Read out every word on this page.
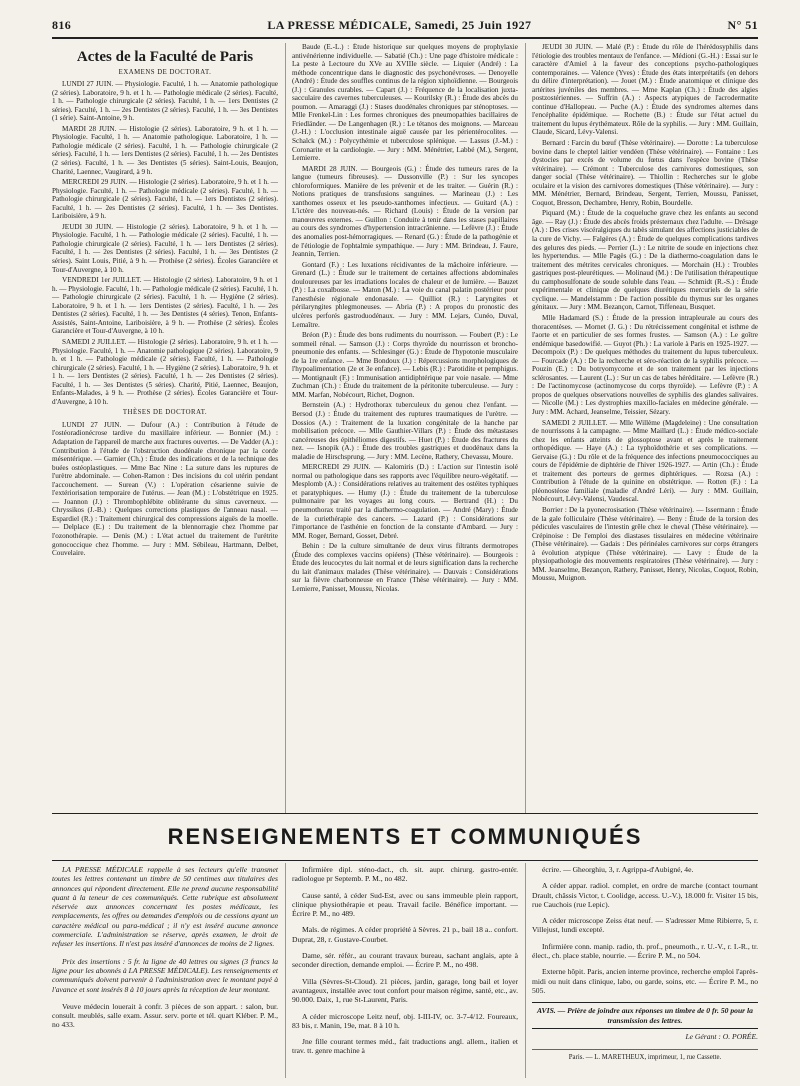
816	LA PRESSE MÉDICALE, Samedi, 25 Juin 1927	N° 51
Actes de la Faculté de Paris
EXAMENS DE DOCTORAT.

LUNDI 27 JUIN. — Physiologie. Faculté, 1 h. — Anatomie pathologique (2 séries). Laboratoire, 9 h. et 1 h. — Pathologie médicale (2 séries). Faculté, 1 h. — Pathologie chirurgicale (2 séries). Faculté, 1 h. — 1ers Dentistes (2 séries). Faculté, 1 h. — 2es Dentistes (2 séries). Faculté, 1 h. — 3es Dentistes (1 série). Saint-Antoine, 9 h.

MARDI 28 JUIN. — Histologie (2 séries). Laboratoire, 9 h. et 1 h. — Physiologie. Faculté, 1 h. — Anatomie pathologique. Laboratoire, 1 h. — Pathologie médicale (2 séries). Faculté, 1 h. — Pathologie chirurgicale (2 séries). Faculté, 1 h. — 1ers Dentistes (2 séries). Faculté, 1 h. — 2es Dentistes (2 séries). Faculté, 1 h. — 3es Dentistes (5 séries). Saint-Louis, Beaujon, Charité, Laennec, Vaugirard, à 9 h.

MERCREDI 29 JUIN. — Histologie (2 séries). Laboratoire, 9 h. et 1 h. — Physiologie. Faculté, 1 h. — Pathologie médicale (2 séries). Faculté, 1 h. — Pathologie chirurgicale (2 séries). Faculté, 1 h. — 1ers Dentistes (2 séries). Faculté, 1 h. — 2es Dentistes (2 séries). Faculté, 1 h. — 3es Dentistes. Lariboisière, à 9 h.

JEUDI 30 JUIN. — Histologie (2 séries). Laboratoire, 9 h. et 1 h. — Physiologie. Faculté, 1 h. — Pathologie médicale (2 séries). Faculté, 1 h. — Pathologie chirurgicale (2 séries). Faculté, 1 h. — 1ers Dentistes (2 séries). Faculté, 1 h. — 2es Dentistes (2 séries). Faculté, 1 h. — 3es Dentistes (2 séries). Saint Louis, Pitié, à 9 h. — Prothèse (2 séries). Écoles Garancière et Tour-d'Auvergne, à 10 h.

VENDREDI 1er JUILLET. — Histologie (2 séries). Laboratoire, 9 h. et 1 h. — Physiologie. Faculté, 1 h. — Pathologie médicale (2 séries). Faculté, 1 h. — Pathologie chirurgicale (2 séries). Faculté, 1 h. — Hygiène (2 séries). Laboratoire, 9 h. et 1 h. — 1ers Dentistes (2 séries). Faculté, 1 h. — 2es Dentistes (2 séries). Faculté, 1 h. — 3es Dentistes (4 séries). Tenon, Enfants-Assistés, Saint-Antoine, Lariboisière, à 9 h. — Prothèse (2 séries). Écoles Garancière et Tour-d'Auvergne, à 10 h.

SAMEDI 2 JUILLET. — Histologie (2 séries). Laboratoire, 9 h. et 1 h. — Physiologie. Faculté, 1 h. — Anatomie pathologique (2 séries). Laboratoire, 9 h. et 1 h. — Pathologie médicale (2 séries). Faculté, 1 h. — Pathologie chirurgicale (2 séries). Faculté, 1 h. — Hygiène (2 séries). Laboratoire, 9 h. et 1 h. — 1ers Dentistes (2 séries). Faculté, 1 h. — 2es Dentistes (2 séries). Faculté, 1 h. — 3es Dentistes (5 séries). Charité, Pitié, Laennec, Beaujon, Enfants-Malades, à 9 h. — Prothèse (2 séries). Écoles Garancière et Tour-d'Auvergne, à 10 h.

THÈSES DE DOCTORAT.

LUNDI 27 JUIN. — Dufour (A.) : Contribution à l'étude de l'ostéoradionécrose tardive du maxillaire inférieur. — Bonnier (M.) : Adaptation de l'appareil de marche aux fractures ouvertes. — De Vadder (A.) : Contribution à l'étude de l'obstruction duodénale chronique par la corde mésentérique. — Garnier (Ch.) : Étude des indications et de la technique des buées ostéoplastiques. — Mme Bac Nine : La suture dans les ruptures de l'urètre abdominale. — Cohen-Ramon : Des incisions du col utérin pendant l'accouchement. — Surean (V.) : L'opération césarienne suivie de l'extériorisation temporaire de l'utérus. — Jean (M.) : L'obstétrique en 1925. — Joannon (J.) : Thrombophlébite oblitérante du sinus caverneux. — Chryssikos (J.-B.) : Quelques corrections plastiques de l'anneau nasal. — Espardiel (R.) : Traitement chirurgical des compressions aiguës de la moelle. — Delplace (E.) : Du traitement de la blennorragie chez l'homme par l'ozonothérapie. — Denis (M.) : L'état actuel du traitement de l'urétrite gonococcique chez l'homme. — Jury : MM. Sébileau, Hartmann, Delbet, Couvelaire.

Baude (E.-L.) : Étude historique sur quelques moyens de prophylaxie antivénérienne individuelle. — Sabatié (Ch.) : Une page d'histoire médicale : La peste à Lectoure du XVe au XVIIIe siècle. — Liquier (André) : La méthode concentrique dans le diagnostic des psychonévroses. — Denoyelle (André) : Étude des souffles continus de la région xiphoïdienne. — Bourgeois (J.) : Granules curables. — Capart (J.) : Fréquence de la localisation juxta-sacculaire des cavernes tuberculeuses. — Kourilsky (R.) : Étude des abcès du poumon. — Amaraggi (J.) : Stases duodénales chroniques par sténoptoses. — Mlle Frenkel-Lin : Les formes chroniques des pneumopathies bacillaires de Friedländer. — De Langenhagen (R.) : Le tétanos des moignons. — Marceau (J.-H.) : L'occlusion intestinale aiguë causée par les périentérocolites. — Schalck (M.) : Polycythémie et tuberculose splénique. — Lassus (J.-M.) : Coronarite et la cardiologie. — Jury : MM. Ménétrier, Labbé (M.), Sergent, Lemierre.

MARDI 28 JUIN. — Bourgeois (G.) : Étude des tumeurs rares de la langue (tumeurs fibreuses). — Dussonville (P.) : Sur les syncopes chloroformiques. Manière de les prévenir et de les traiter. — Guérin (R.) : Notions pratiques de transfusions sanguines. — Marineau (J.) : Les xanthomes osseux et les pseudo-xanthomes infectieux. — Guitard (A.) : L'ictère des nouveau-nés. — Richard (Louis) : Étude de la version par manœuvres externes. — Guillon : Conduite à tenir dans les stases papillaires au cours des syndromes d'hypertension intracrânienne. — Lefèvre (J.) : Étude des anomalies post-hémorragiques. — Renard (G.) : Étude de la pathogénie et de l'étiologie de l'ophtalmie sympathique. — Jury : MM. Brindeau, J. Faure, Jeannin, Terrien.

Gontard (F.) : Les luxations récidivantes de la mâchoire inférieure. — Grenard (L.) : Étude sur le traitement de certaines affections abdominales douloureuses par les irradiations locales de chaleur et de lumière. — Bauzet (P.) : La coxalbosse. — Maton (M.) : La voie du canal palatin postérieur pour l'anesthésie régionale endonasale. — Quilliot (R.) : Laryngites et périlaryngites phlegmoneuses. — Abria (P.) : A propos du pronostic des ulcères perforés gastroduodénaux. — Jury : MM. Lejars, Cunéo, Duval, Lemaître.

Bréon (P.) : Étude des bons rudiments du nourrisson. — Foubert (P.) : Le sommeil rénal. — Samson (J.) : Corps thyroïde du nourrisson et broncho-pneumonie des enfants. — Schlesinger (G.) : Étude de l'hypotonie musculaire de la 1re enfance. — Mme Bondoux (J.) : Répercussions morphologiques de l'hypoalimentation (2e et 3e enfance). — Lebis (R.) : Parotidite et pemphigus. — Montignault (F.) : Immunisation antidiphtérique par voie nasale. — Mme Zuchman (Ch.) : Étude du traitement de la péritonite tuberculeuse. — Jury : MM. Marfan, Nobécourt, Richet, Dognon.

Bernstein (A.) : Hydrothorax tuberculeux du genou chez l'enfant. — Bersod (J.) : Étude du traitement des ruptures traumatiques de l'urètre. — Dossios (A.) : Traitement de la luxation congénitale de la hanche par mobilisation précoce. — Mlle Gauthier-Villars (P.) : Étude des métastases cancéreuses des épithéliomes digestifs. — Huet (P.) : Étude des fractures du nez. — Isnopik (A.) : Étude des troubles gastriques et duodénaux dans la maladie de Hirschsprung. — Jury : MM. Lecène, Rathery, Chevassu, Moure.

MERCREDI 29 JUIN. — Kalomiris (D.) : L'action sur l'intestin isolé normal ou pathologique dans ses rapports avec l'équilibre neuro-végétatif. — Mesplomb (A.) : Considérations relatives au traitement des ostéites typhiques et paratyphiques. — Humy (J.) : Étude du traitement de la tuberculose pulmonaire par les voyages au long cours. — Bertrand (H.) : Du pneumothorax traité par la diathermo-coagulation. — André (Mary) : Étude de la curiethérapie des cancers. — Lazard (P.) : Considérations sur l'importance de l'asthénie en fonction de la constante d'Ambard. — Jury : MM. Roger, Bernard, Gosset, Debré.

Behin : De la culture simultanée de deux virus filtrants dermotropes (Étude des complexes vaccins opiéens) (Thèse vétérinaire). — Bourgeois : Étude des leucocytes du lait normal et de leurs signification dans la recherche du lait d'animaux malades (Thèse vétérinaire). — Dauvais : Considérations sur la fièvre charbonneuse en France (Thèse vétérinaire). — Jury : MM. Lemierre, Panisset, Moussu, Nicolas.

JEUDI 30 JUIN. — Malé (P.) : Étude du rôle de l'hérédosyphilis dans l'étiologie des troubles mentaux de l'enfance. — Médioni (G.-H.) : Essai sur le caractère d'Amiel à la faveur des conceptions psycho-pathologiques contemporaines. — Valence (Yves) : Étude des états interprétatifs (en dehors du délire d'interprétation). — Jouet (M.) : Étude anatomique et clinique des artérites juvéniles des membres. — Mme Kaplan (Ch.) : Étude des algies postzostériennes. — Suffrin (A.) : Aspects atypiques de l'acrodermatite continue d'Hallopeau. — Puche (A.) : Étude des syndromes alternes dans l'encéphalite épidémique. — Rochette (B.) : Étude sur l'état actuel du traitement du lupus érythémateux. Rôle de la syphilis. — Jury : MM. Guillain, Claude, Sicard, Lévy-Valensi.

Bernard : Farcin du bœuf (Thèse vétérinaire). — Dorotte : La tuberculose bovine dans le cheptel laitier vendéen (Thèse vétérinaire). — Fontaine : Les dystocies par excès de volume du fœtus dans l'espèce bovine (Thèse vétérinaire). — Crémont : Tuberculose des carnivores domestiques, son danger social (Thèse vétérinaire). — Thiollin : Recherches sur le globe oculaire et la vision des carnivores domestiques (Thèse vétérinaire). — Jury : MM. Ménétrier, Bernard, Brindeau, Sergent, Terrien, Moussu, Panisset, Coquot, Bresson, Dechambre, Henry, Robin, Bourdelle.

Piquard (M.) : Étude de la coqueluche grave chez les enfants au second âge. — Ray (J.) : Étude des abcès froids présternaux chez l'adulte. — Drésage (A.) : Des crises viscéralgiques du tabès simulant des affections justiciables de la cure de Vichy. — Falgères (A.) : Étude de quelques complications tardives des gelures des pieds. — Perrier (L.) : Le nitrite de soude en injections chez les hypertendus. — Mlle Pagès (G.) : De la diathermo-coagulation dans le traitement des métrites cervicales chroniques. — Morchain (H.) : Troubles gastriques post-pleurétiques. — Molinaud (M.) : De l'utilisation thérapeutique du camphosulfonate de soude soluble dans l'eau. — Schmidt (R.-S.) : Étude expérimentale et clinique de quelques diurétiques mercuriels de la série cyclique. — Mandelstamm : De l'action possible du thymus sur les organes génitaux. — Jury : MM. Bezançon, Carnot, Tiffeneau, Busquet.

Mlle Hadamard (S.) : Étude de la pression intrapleurale au cours des thoracentèses. — Mornet (J. G.) : Du rétrécissement congénital et isthme de l'aorte et en particulier de ses formes frustes. — Samson (A.) : Le goître endémique basedowifié. — Guyot (Ph.) : La variole à Paris en 1925-1927. — Decompoix (P.) : De quelques méthodes du traitement du lupus tuberculeux. — Fourcade (A.) : De la recherche et séro-réaction de la syphilis précoce. — Pouzin (E.) : Du botryomycome et de son traitement par les injections sclérosantes. — Laurent (L.) : Sur un cas de tabes héréditaire. — Lefèvre (R.) : De l'actinomycose (actinomycose du corps thyroïde). — Lefèvre (P.) : A propos de quelques observations nouvelles de syphilis des glandes salivaires. — Nicolle (M.) : Les dystrophies maxillo-faciales en médecine générale. — Jury : MM. Achard, Jeanselme, Teissier, Sézary.

SAMEDI 2 JUILLET. — Mlle Willème (Magdeleine) : Une consultation de nourrissons à la campagne. — Mme Maillard (L.) : Étude médico-sociale chez les enfants atteints de glossoptose avant et après le traitement orthopédique. — Haye (A.) : La typhoïdothérie et ses complications. — Gervaise (G.) : Du rôle et de la fréquence des infections pneumococciques au cours de l'épidémie de diphtérie de l'hiver 1926-1927. — Artin (Ch.) : Étude et traitement des porteurs de germes diphtériques. — Rozsa (A.) : Contribution à l'étude de la quinine en obstétrique. — Rotten (F.) : La pléonostéose familiale (maladie d'André Léri). — Jury : MM. Guillain, Nobécourt, Lévy-Valensi, Vaudescal.

Borrier : De la pyonecrosisation (Thèse vétérinaire). — Issermann : Étude de la gale folliculaire (Thèse vétérinaire). — Beny : Étude de la torsion des pédicules vasculaires de l'intestin grêle chez le cheval (Thèse vétérinaire). — Crépinoise : De l'emploi des diastases tissulaires en médecine vétérinaire (Thèse vétérinaire). — Gadais : Des périnéales carnivores sur corps étrangers à évolution atypique (Thèse vétérinaire). — Lavy : Étude de la physiopathologie des mouvements respiratoires (Thèse vétérinaire). — Jury : MM. Jeanselme, Bezançon, Rathery, Panisset, Henry, Nicolas, Coquot, Robin, Moussu, Muignon.

RENSEIGNEMENTS ET COMMUNIQUÉS

LA PRESSE MÉDICALE rappelle à ses lecteurs qu'elle transmet toutes les lettres contenant un timbre de 50 centimes aux titulaires des annonces qui répondent directement. Elle ne prend aucune responsabilité quant à la teneur de ces communiqués. Cette rubrique est absolument réservée aux annonces concernant les postes médicaux, les remplacements, les offres ou demandes d'emplois ou de cessions ayant un caractère médical ou para-médical ; il n'y est inséré aucune annonce commerciale. L'administration se réserve, après examen, le droit de refuser les insertions. Il n'est pas inséré d'annonces de moins de 2 lignes.

Prix des insertions : 5 fr. la ligne de 40 lettres ou signes (3 francs la ligne pour les abonnés à LA PRESSE MÉDICALE). Les renseignements et communiqués doivent parvenir à l'administration avec le montant payé à l'avance et sont insérés 8 à 10 jours après la réception de leur montant.

Veuve médecin louerait à confr. 3 pièces de son appart. : salon, bur. consult. meublés, salle exam. Assur. serv. porte et tél. quart Kléber. P. M., no 433.

Infirmière dipl. sténo-dact., ch. sit. aupr. chirurg. gastro-entér. radiologue pr Septemb. P. M., no 482.

Cause santé, à céder Sud-Est, avec ou sans immeuble plein rapport, clinique physiothérapie et peau. Travail facile. Bénéfice important. — Écrire P. M., no 489.

Mals. de régimes. A céder propriété à Sèvres. 21 p., bail 18 a.. confort. Duprat, 28, r. Gustave-Courbet.

Dame, sér. référ., au courant travaux bureau, sachant anglais, apte à seconder direction, demande emploi. — Écrire P. M., no 498.

Villa (Sèvres-St-Cloud). 21 pièces, jardin, garage, long bail et loyer avantageux, installée avec tout confort pour maison régime, santé, etc., av. 90.000. Daix, 1, rue St-Laurent, Paris.

A céder microscope Leitz neuf, obj. I-III-IV, oc. 3-7-4/12. Foureaux, 83 bis, r. Manin, 19e, mat. 8 à 10 h.

Jne fille courant termes méd., fait traductions angl. allem., italien et trav. tt. genre machine à

écrire. — Gheorghiu, 3, r. Agrippa-d'Aubigné, 4e.

A céder appar. radiol. complet, en ordre de marche (contact tournant Drault, châssis Victor, t. Coolidge, access. U.-V.), 18.000 fr. Visiter 15 bis, rue Cauchois (rue Lepic).

A céder microscope Zeiss état neuf. — S'adresser Mme Ribierre, 5, r. Villejust, lundi excepté.

Infirmière conn. manip. radio, th. prof., pneumoth., r. U.-V., r. I.-R., tr. élect., ch. place stable, nourrie. — Écrire P. M., no 504.

Externe hôpit. Paris, ancien interne province, recherche emploi l'après-midi ou nuit dans clinique, labo, ou garde, soins, etc. — Écrire P. M., no 505.

AVIS. — Prière de joindre aux réponses un timbre de 0 fr. 50 pour la transmission des lettres.
Le Gérant : O. PORÉE.
Paris. — L. MARETHEUX, imprimeur, 1, rue Cassette.
